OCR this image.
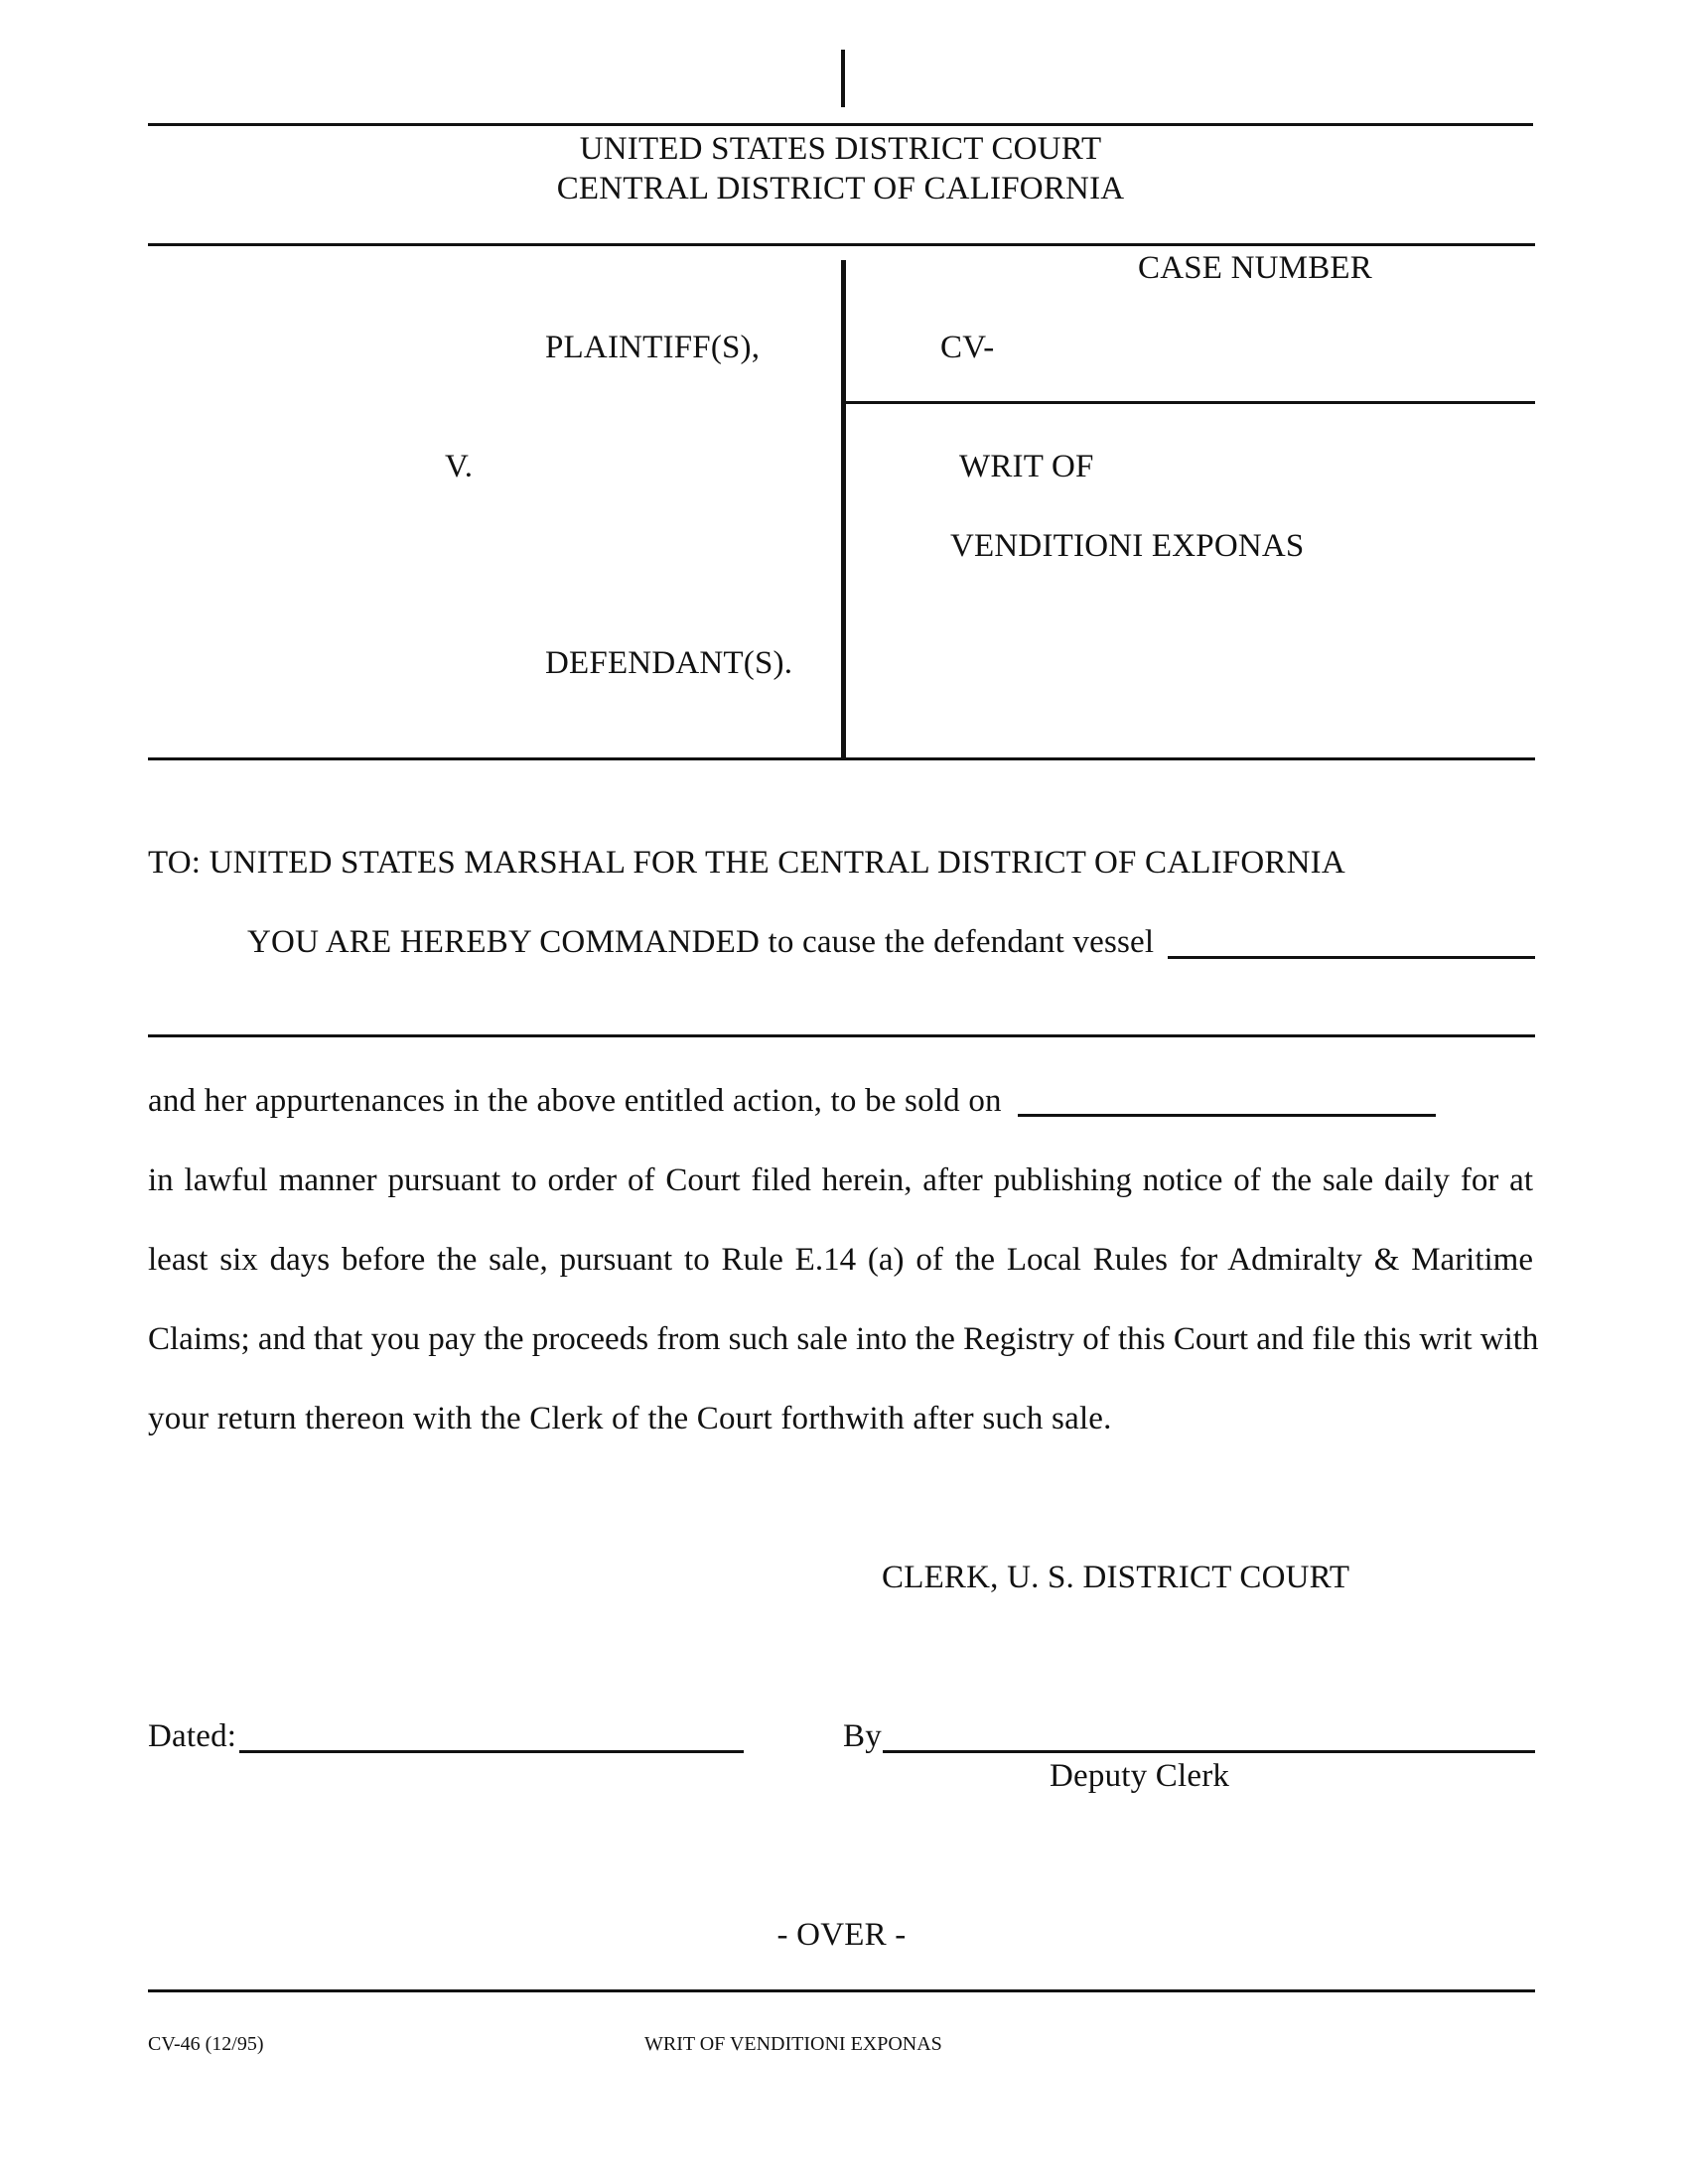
UNITED STATES DISTRICT COURT
CENTRAL DISTRICT OF CALIFORNIA
PLAINTIFF(S),
V.
DEFENDANT(S).
CASE NUMBER
CV-
WRIT OF
VENDITIONI EXPONAS
TO: UNITED STATES MARSHAL FOR THE CENTRAL DISTRICT OF CALIFORNIA
YOU ARE HEREBY COMMANDED to cause the defendant vessel
and her appurtenances in the above entitled action, to be sold on
in lawful manner pursuant to order of Court filed herein, after publishing notice of the sale daily for at
least six days before the sale, pursuant to Rule E.14 (a) of the Local Rules for Admiralty & Maritime
Claims; and that you pay the proceeds from such sale into the Registry of this Court and file this writ with
your return thereon with the Clerk of the Court forthwith after such sale.
CLERK, U. S. DISTRICT COURT
Dated:	By
Deputy Clerk
- OVER -
CV-46 (12/95)	WRIT OF VENDITIONI EXPONAS
